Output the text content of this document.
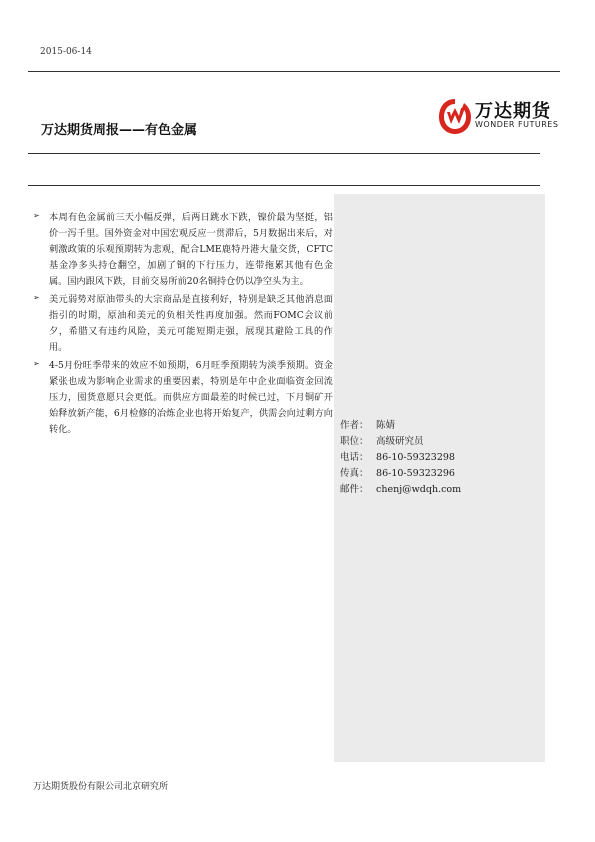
2015-06-14
万达期货周报——有色金属
万达期货
WONDER FUTURES
➢ 本周有色金属前三天小幅反弹，后两日跳水下跌，镍价最为坚挺，铝价一泻千里。国外资金对中国宏观反应一贯滞后，5月数据出来后，对刺激政策的乐观预期转为悲观，配合LME鹿特丹港大量交货，CFTC基金净多头持仓翻空，加剧了铜的下行压力，连带拖累其他有色金属。国内跟风下跌，目前交易所前20名铜持仓仍以净空头为主。
➢ 美元弱势对原油带头的大宗商品是直接利好，特别是缺乏其他消息面指引的时期，原油和美元的负相关性再度加强。然而FOMC会议前夕，希腊又有违约风险，美元可能短期走强，展现其避险工具的作用。
➢ 4-5月份旺季带来的效应不如预期，6月旺季预期转为淡季预期。资金紧张也成为影响企业需求的重要因素，特别是年中企业面临资金回流压力，囤货意愿只会更低。而供应方面最差的时候已过，下月铜矿开始释放新产能，6月检修的冶炼企业也将开始复产，供需会向过剩方向转化。	作者： 陈婧
职位： 高级研究员
电话： 86-10-59323298
传真： 86-10-59323296
邮件： chenj@wdqh.com
万达期货股份有限公司北京研究所
